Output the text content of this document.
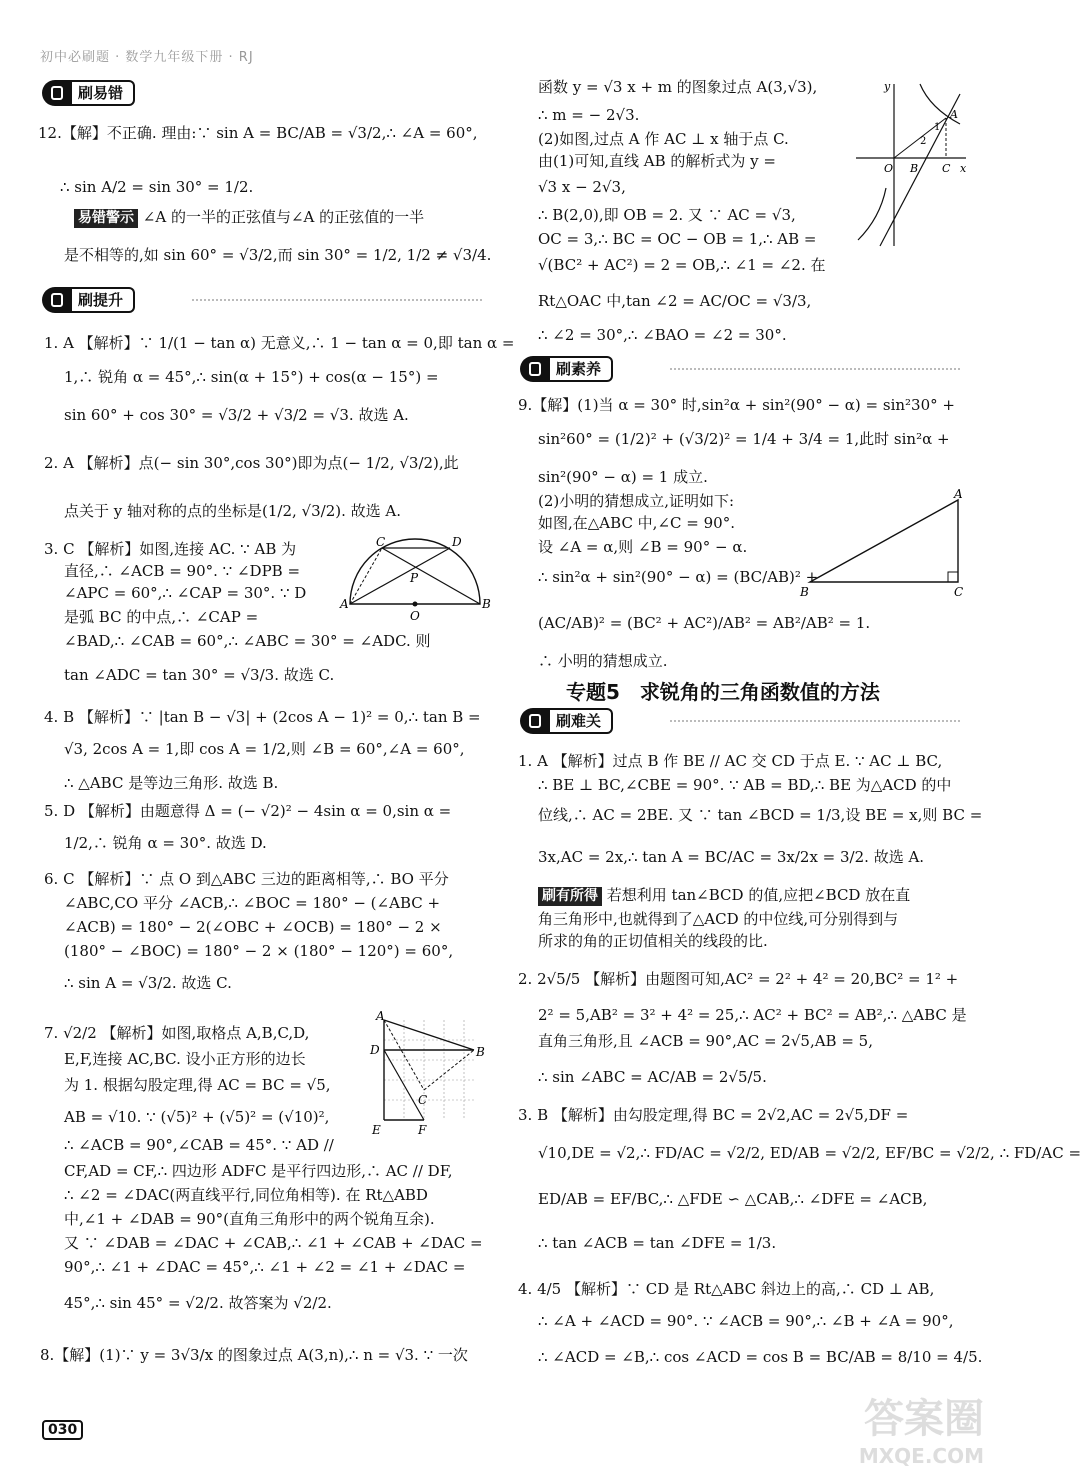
初中必刷题 · 数学九年级下册 · RJ
刷易错
刷提升
刷素养
刷难关
专题5　求锐角的三角函数值的方法
12.【解】不正确. 理由:∵ sin A = BC/AB = √3/2,∴ ∠A = 60°,
∴ sin A/2 = sin 30° = 1/2.
易错警示 ∠A 的一半的正弦值与∠A 的正弦值的一半
是不相等的,如 sin 60° = √3/2,而 sin 30° = 1/2, 1/2 ≠ √3/4.
1. A 【解析】∵ 1/(1 − tan α) 无意义,∴ 1 − tan α = 0,即 tan α =
1,∴ 锐角 α = 45°,∴ sin(α + 15°) + cos(α − 15°) =
sin 60° + cos 30° = √3/2 + √3/2 = √3. 故选 A.
2. A 【解析】点(− sin 30°,cos 30°)即为点(− 1/2, √3/2),此
点关于 y 轴对称的点的坐标是(1/2, √3/2). 故选 A.
3. C 【解析】如图,连接 AC. ∵ AB 为
直径,∴ ∠ACB = 90°. ∵ ∠DPB =
∠APC = 60°,∴ ∠CAP = 30°. ∵ D
是弧 BC 的中点,∴ ∠CAP =
∠BAD,∴ ∠CAB = 60°,∴ ∠ABC = 30° = ∠ADC. 则
tan ∠ADC = tan 30° = √3/3. 故选 C.
4. B 【解析】∵ |tan B − √3| + (2cos A − 1)² = 0,∴ tan B =
√3, 2cos A = 1,即 cos A = 1/2,则 ∠B = 60°,∠A = 60°,
∴ △ABC 是等边三角形. 故选 B.
5. D 【解析】由题意得 Δ = (− √2)² − 4sin α = 0,sin α =
1/2,∴ 锐角 α = 30°. 故选 D.
6. C 【解析】∵ 点 O 到△ABC 三边的距离相等,∴ BO 平分
∠ABC,CO 平分 ∠ACB,∴ ∠BOC = 180° − (∠ABC +
∠ACB) = 180° − 2(∠OBC + ∠OCB) = 180° − 2 ×
(180° − ∠BOC) = 180° − 2 × (180° − 120°) = 60°,
∴ sin A = √3/2. 故选 C.
7. √2/2 【解析】如图,取格点 A,B,C,D,
E,F,连接 AC,BC. 设小正方形的边长
为 1. 根据勾股定理,得 AC = BC = √5,
AB = √10. ∵ (√5)² + (√5)² = (√10)²,
∴ ∠ACB = 90°,∠CAB = 45°. ∵ AD //
CF,AD = CF,∴ 四边形 ADFC 是平行四边形,∴ AC // DF,
∴ ∠2 = ∠DAC(两直线平行,同位角相等). 在 Rt△ABD
中,∠1 + ∠DAB = 90°(直角三角形中的两个锐角互余).
又 ∵ ∠DAB = ∠DAC + ∠CAB,∴ ∠1 + ∠CAB + ∠DAC =
90°,∴ ∠1 + ∠DAC = 45°,∴ ∠1 + ∠2 = ∠1 + ∠DAC =
45°,∴ sin 45° = √2/2. 故答案为 √2/2.
8.【解】(1)∵ y = 3√3/x 的图象过点 A(3,n),∴ n = √3. ∵ 一次
函数 y = √3 x + m 的图象过点 A(3,√3),
∴ m = − 2√3.
(2)如图,过点 A 作 AC ⊥ x 轴于点 C.
由(1)可知,直线 AB 的解析式为 y =
√3 x − 2√3,
∴ B(2,0),即 OB = 2. 又 ∵ AC = √3,
OC = 3,∴ BC = OC − OB = 1,∴ AB =
√(BC² + AC²) = 2 = OB,∴ ∠1 = ∠2. 在
Rt△OAC 中,tan ∠2 = AC/OC = √3/3,
∴ ∠2 = 30°,∴ ∠BAO = ∠2 = 30°.
9.【解】(1)当 α = 30° 时,sin²α + sin²(90° − α) = sin²30° +
sin²60° = (1/2)² + (√3/2)² = 1/4 + 3/4 = 1,此时 sin²α +
sin²(90° − α) = 1 成立.
(2)小明的猜想成立,证明如下:
如图,在△ABC 中,∠C = 90°.
设 ∠A = α,则 ∠B = 90° − α.
∴ sin²α + sin²(90° − α) = (BC/AB)² +
(AC/AB)² = (BC² + AC²)/AB² = AB²/AB² = 1.
∴ 小明的猜想成立.
1. A 【解析】过点 B 作 BE // AC 交 CD 于点 E. ∵ AC ⊥ BC,
∴ BE ⊥ BC,∠CBE = 90°. ∵ AB = BD,∴ BE 为△ACD 的中
位线,∴ AC = 2BE. 又 ∵ tan ∠BCD = 1/3,设 BE = x,则 BC =
3x,AC = 2x,∴ tan A = BC/AC = 3x/2x = 3/2. 故选 A.
刷有所得 若想利用 tan∠BCD 的值,应把∠BCD 放在直
角三角形中,也就得到了△ACD 的中位线,可分别得到与
所求的角的正切值相关的线段的比.
2. 2√5/5 【解析】由题图可知,AC² = 2² + 4² = 20,BC² = 1² +
2² = 5,AB² = 3² + 4² = 25,∴ AC² + BC² = AB²,∴ △ABC 是
直角三角形,且 ∠ACB = 90°,AC = 2√5,AB = 5,
∴ sin ∠ABC = AC/AB = 2√5/5.
3. B 【解析】由勾股定理,得 BC = 2√2,AC = 2√5,DF =
√10,DE = √2,∴ FD/AC = √2/2, ED/AB = √2/2, EF/BC = √2/2, ∴ FD/AC =
ED/AB = EF/BC,∴ △FDE ∽ △CAB,∴ ∠DFE = ∠ACB,
∴ tan ∠ACB = tan ∠DFE = 1/3.
4. 4/5 【解析】∵ CD 是 Rt△ABC 斜边上的高,∴ CD ⊥ AB,
∴ ∠A + ∠ACD = 90°. ∵ ∠ACB = 90°,∴ ∠B + ∠A = 90°,
∴ ∠ACD = ∠B,∴ cos ∠ACD = cos B = BC/AB = 8/10 = 4/5.
C	D
P
A
O
B
A
D	B
C
E	F
y
x
O B C
A
1
2
A
B	C
030	答案圈
MXQE.COM
